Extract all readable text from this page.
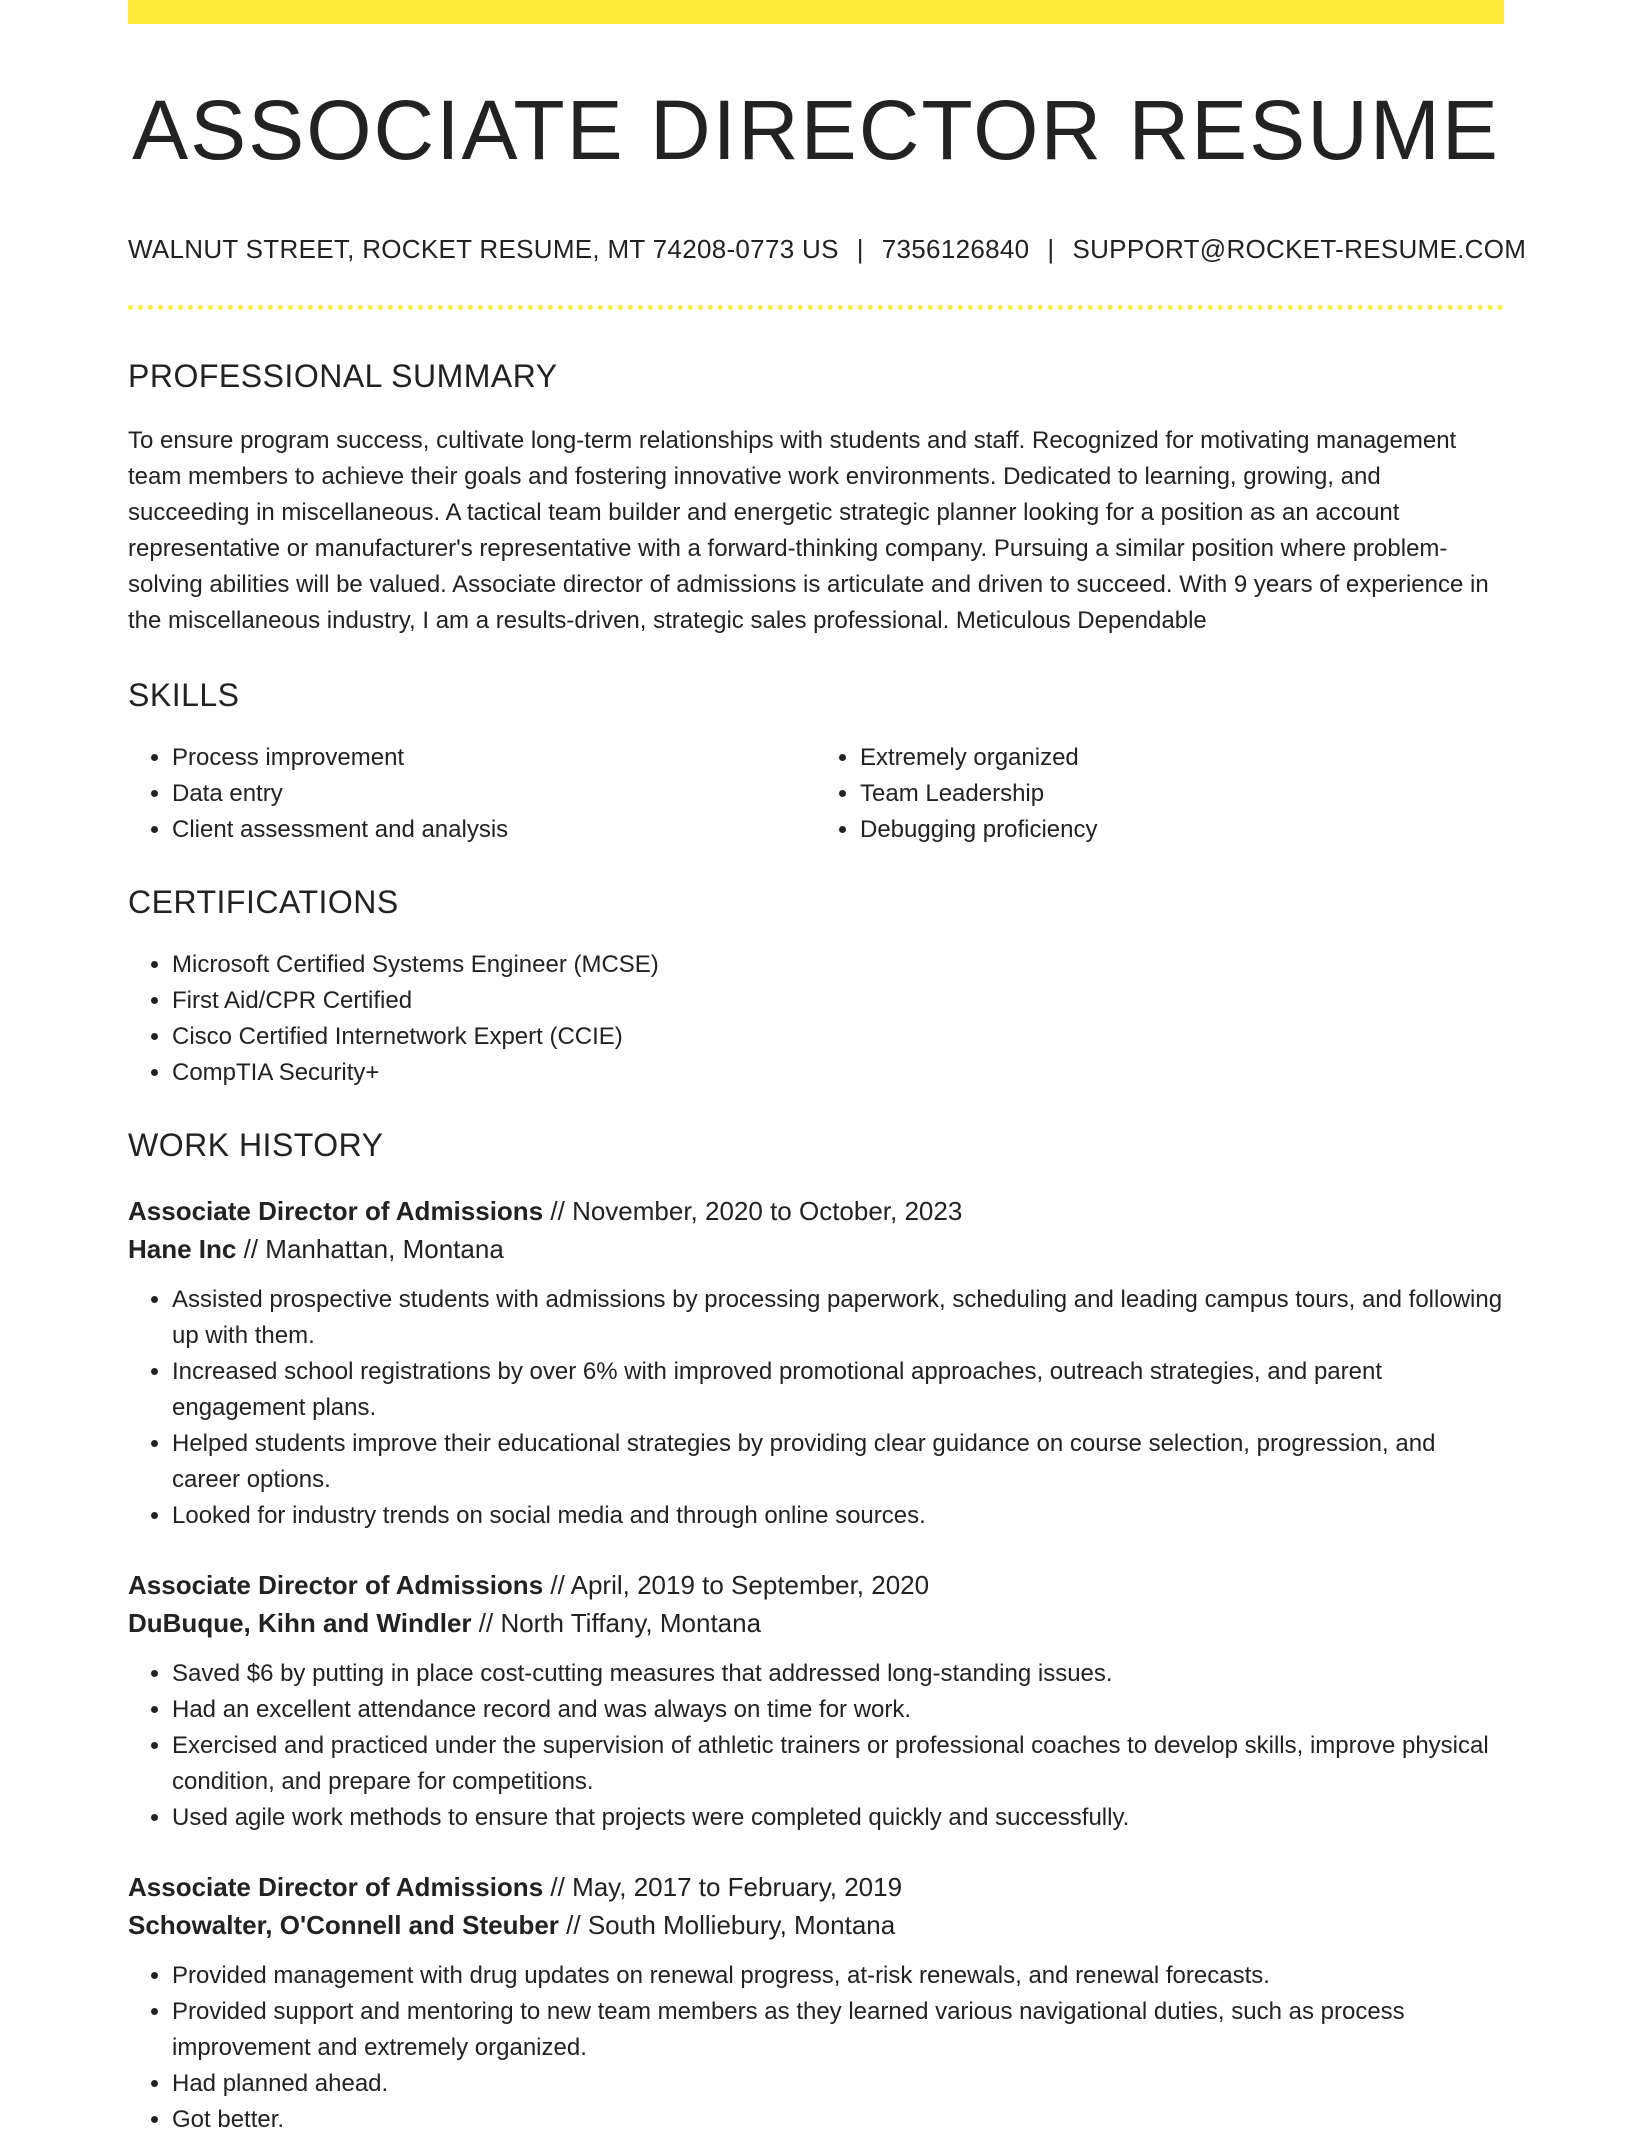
ASSOCIATE DIRECTOR RESUME
WALNUT STREET, ROCKET RESUME, MT 74208-0773 US | 7356126840 | SUPPORT@ROCKET-RESUME.COM
PROFESSIONAL SUMMARY
To ensure program success, cultivate long-term relationships with students and staff. Recognized for motivating management team members to achieve their goals and fostering innovative work environments. Dedicated to learning, growing, and succeeding in miscellaneous. A tactical team builder and energetic strategic planner looking for a position as an account representative or manufacturer's representative with a forward-thinking company. Pursuing a similar position where problem-solving abilities will be valued. Associate director of admissions is articulate and driven to succeed. With 9 years of experience in the miscellaneous industry, I am a results-driven, strategic sales professional. Meticulous Dependable
SKILLS
• Process improvement
• Data entry
• Client assessment and analysis
• Extremely organized
• Team Leadership
• Debugging proficiency
CERTIFICATIONS
• Microsoft Certified Systems Engineer (MCSE)
• First Aid/CPR Certified
• Cisco Certified Internetwork Expert (CCIE)
• CompTIA Security+
WORK HISTORY
Associate Director of Admissions // November, 2020 to October, 2023
Hane Inc // Manhattan, Montana
• Assisted prospective students with admissions by processing paperwork, scheduling and leading campus tours, and following up with them.
• Increased school registrations by over 6% with improved promotional approaches, outreach strategies, and parent engagement plans.
• Helped students improve their educational strategies by providing clear guidance on course selection, progression, and career options.
• Looked for industry trends on social media and through online sources.
Associate Director of Admissions // April, 2019 to September, 2020
DuBuque, Kihn and Windler // North Tiffany, Montana
• Saved $6 by putting in place cost-cutting measures that addressed long-standing issues.
• Had an excellent attendance record and was always on time for work.
• Exercised and practiced under the supervision of athletic trainers or professional coaches to develop skills, improve physical condition, and prepare for competitions.
• Used agile work methods to ensure that projects were completed quickly and successfully.
Associate Director of Admissions // May, 2017 to February, 2019
Schowalter, O'Connell and Steuber // South Molliebury, Montana
• Provided management with drug updates on renewal progress, at-risk renewals, and renewal forecasts.
• Provided support and mentoring to new team members as they learned various navigational duties, such as process improvement and extremely organized.
• Had planned ahead.
• Got better.
